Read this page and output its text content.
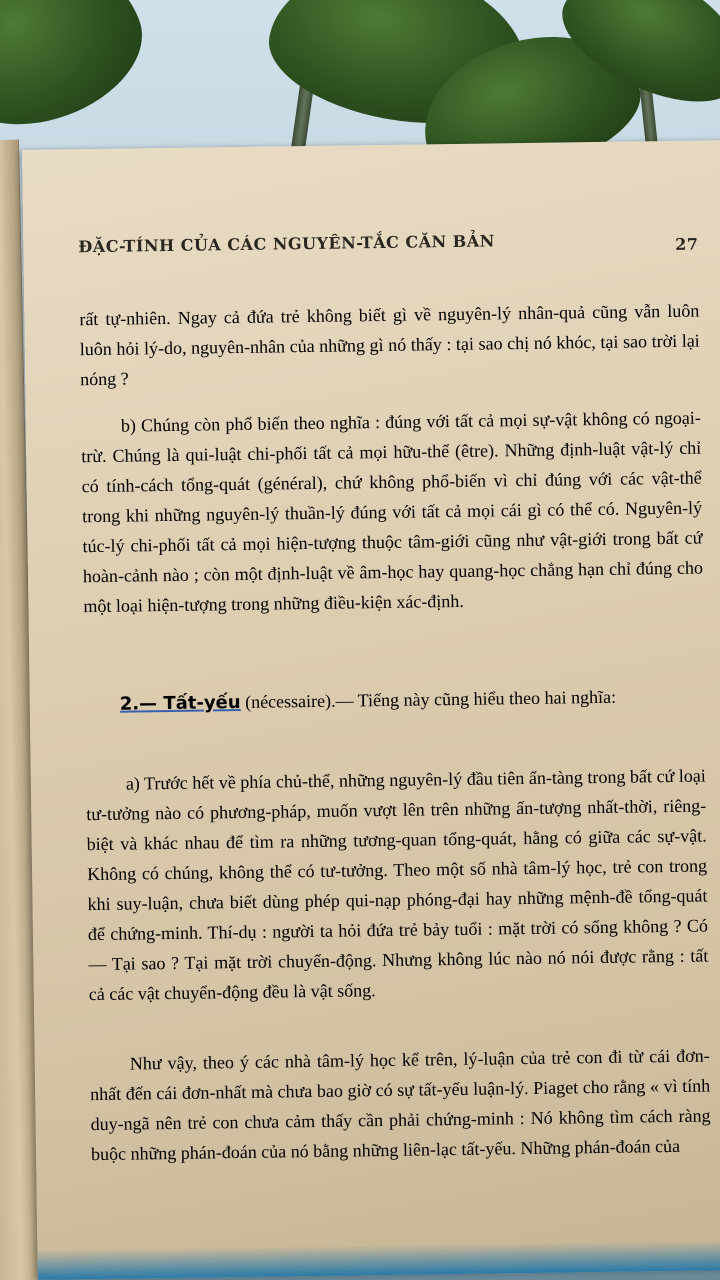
ĐẶC-TÍNH CỦA CÁC NGUYÊN-TẮC CĂN BẢN	27
rất tự-nhiên. Ngay cả đứa trẻ không biết gì về nguyên-lý nhân-quả cũng vẫn luôn luôn hỏi lý-do, nguyên-nhân của những gì nó thấy : tại sao chị nó khóc, tại sao trời lại nóng ?
b) Chúng còn phổ biến theo nghĩa : đúng với tất cả mọi sự-vật không có ngoại-trừ. Chúng là qui-luật chi-phối tất cả mọi hữu-thể (être). Những định-luật vật-lý chỉ có tính-cách tổng-quát (général), chứ không phổ-biến vì chỉ đúng với các vật-thể trong khi những nguyên-lý thuần-lý đúng với tất cả mọi cái gì có thể có. Nguyên-lý túc-lý chi-phối tất cả mọi hiện-tượng thuộc tâm-giới cũng như vật-giới trong bất cứ hoàn-cảnh nào ; còn một định-luật về âm-học hay quang-học chẳng hạn chỉ đúng cho một loại hiện-tượng trong những điều-kiện xác-định.
2.— Tất-yếu (nécessaire).— Tiếng này cũng hiểu theo hai nghĩa:
a) Trước hết về phía chủ-thể, những nguyên-lý đầu tiên ẩn-tàng trong bất cứ loại tư-tưởng nào có phương-pháp, muốn vượt lên trên những ấn-tượng nhất-thời, riêng-biệt và khác nhau để tìm ra những tương-quan tổng-quát, hằng có giữa các sự-vật. Không có chúng, không thể có tư-tưởng. Theo một số nhà tâm-lý học, trẻ con trong khi suy-luận, chưa biết dùng phép qui-nạp phóng-đại hay những mệnh-đề tổng-quát để chứng-minh. Thí-dụ : người ta hỏi đứa trẻ bảy tuổi : mặt trời có sống không ? Có — Tại sao ? Tại mặt trời chuyển-động. Nhưng không lúc nào nó nói được rằng : tất cả các vật chuyển-động đều là vật sống.
Như vậy, theo ý các nhà tâm-lý học kể trên, lý-luận của trẻ con đi từ cái đơn-nhất đến cái đơn-nhất mà chưa bao giờ có sự tất-yếu luận-lý. Piaget cho rằng « vì tính duy-ngã nên trẻ con chưa cảm thấy cần phải chứng-minh : Nó không tìm cách ràng buộc những phán-đoán của nó bằng những liên-lạc tất-yếu. Những phán-đoán của
